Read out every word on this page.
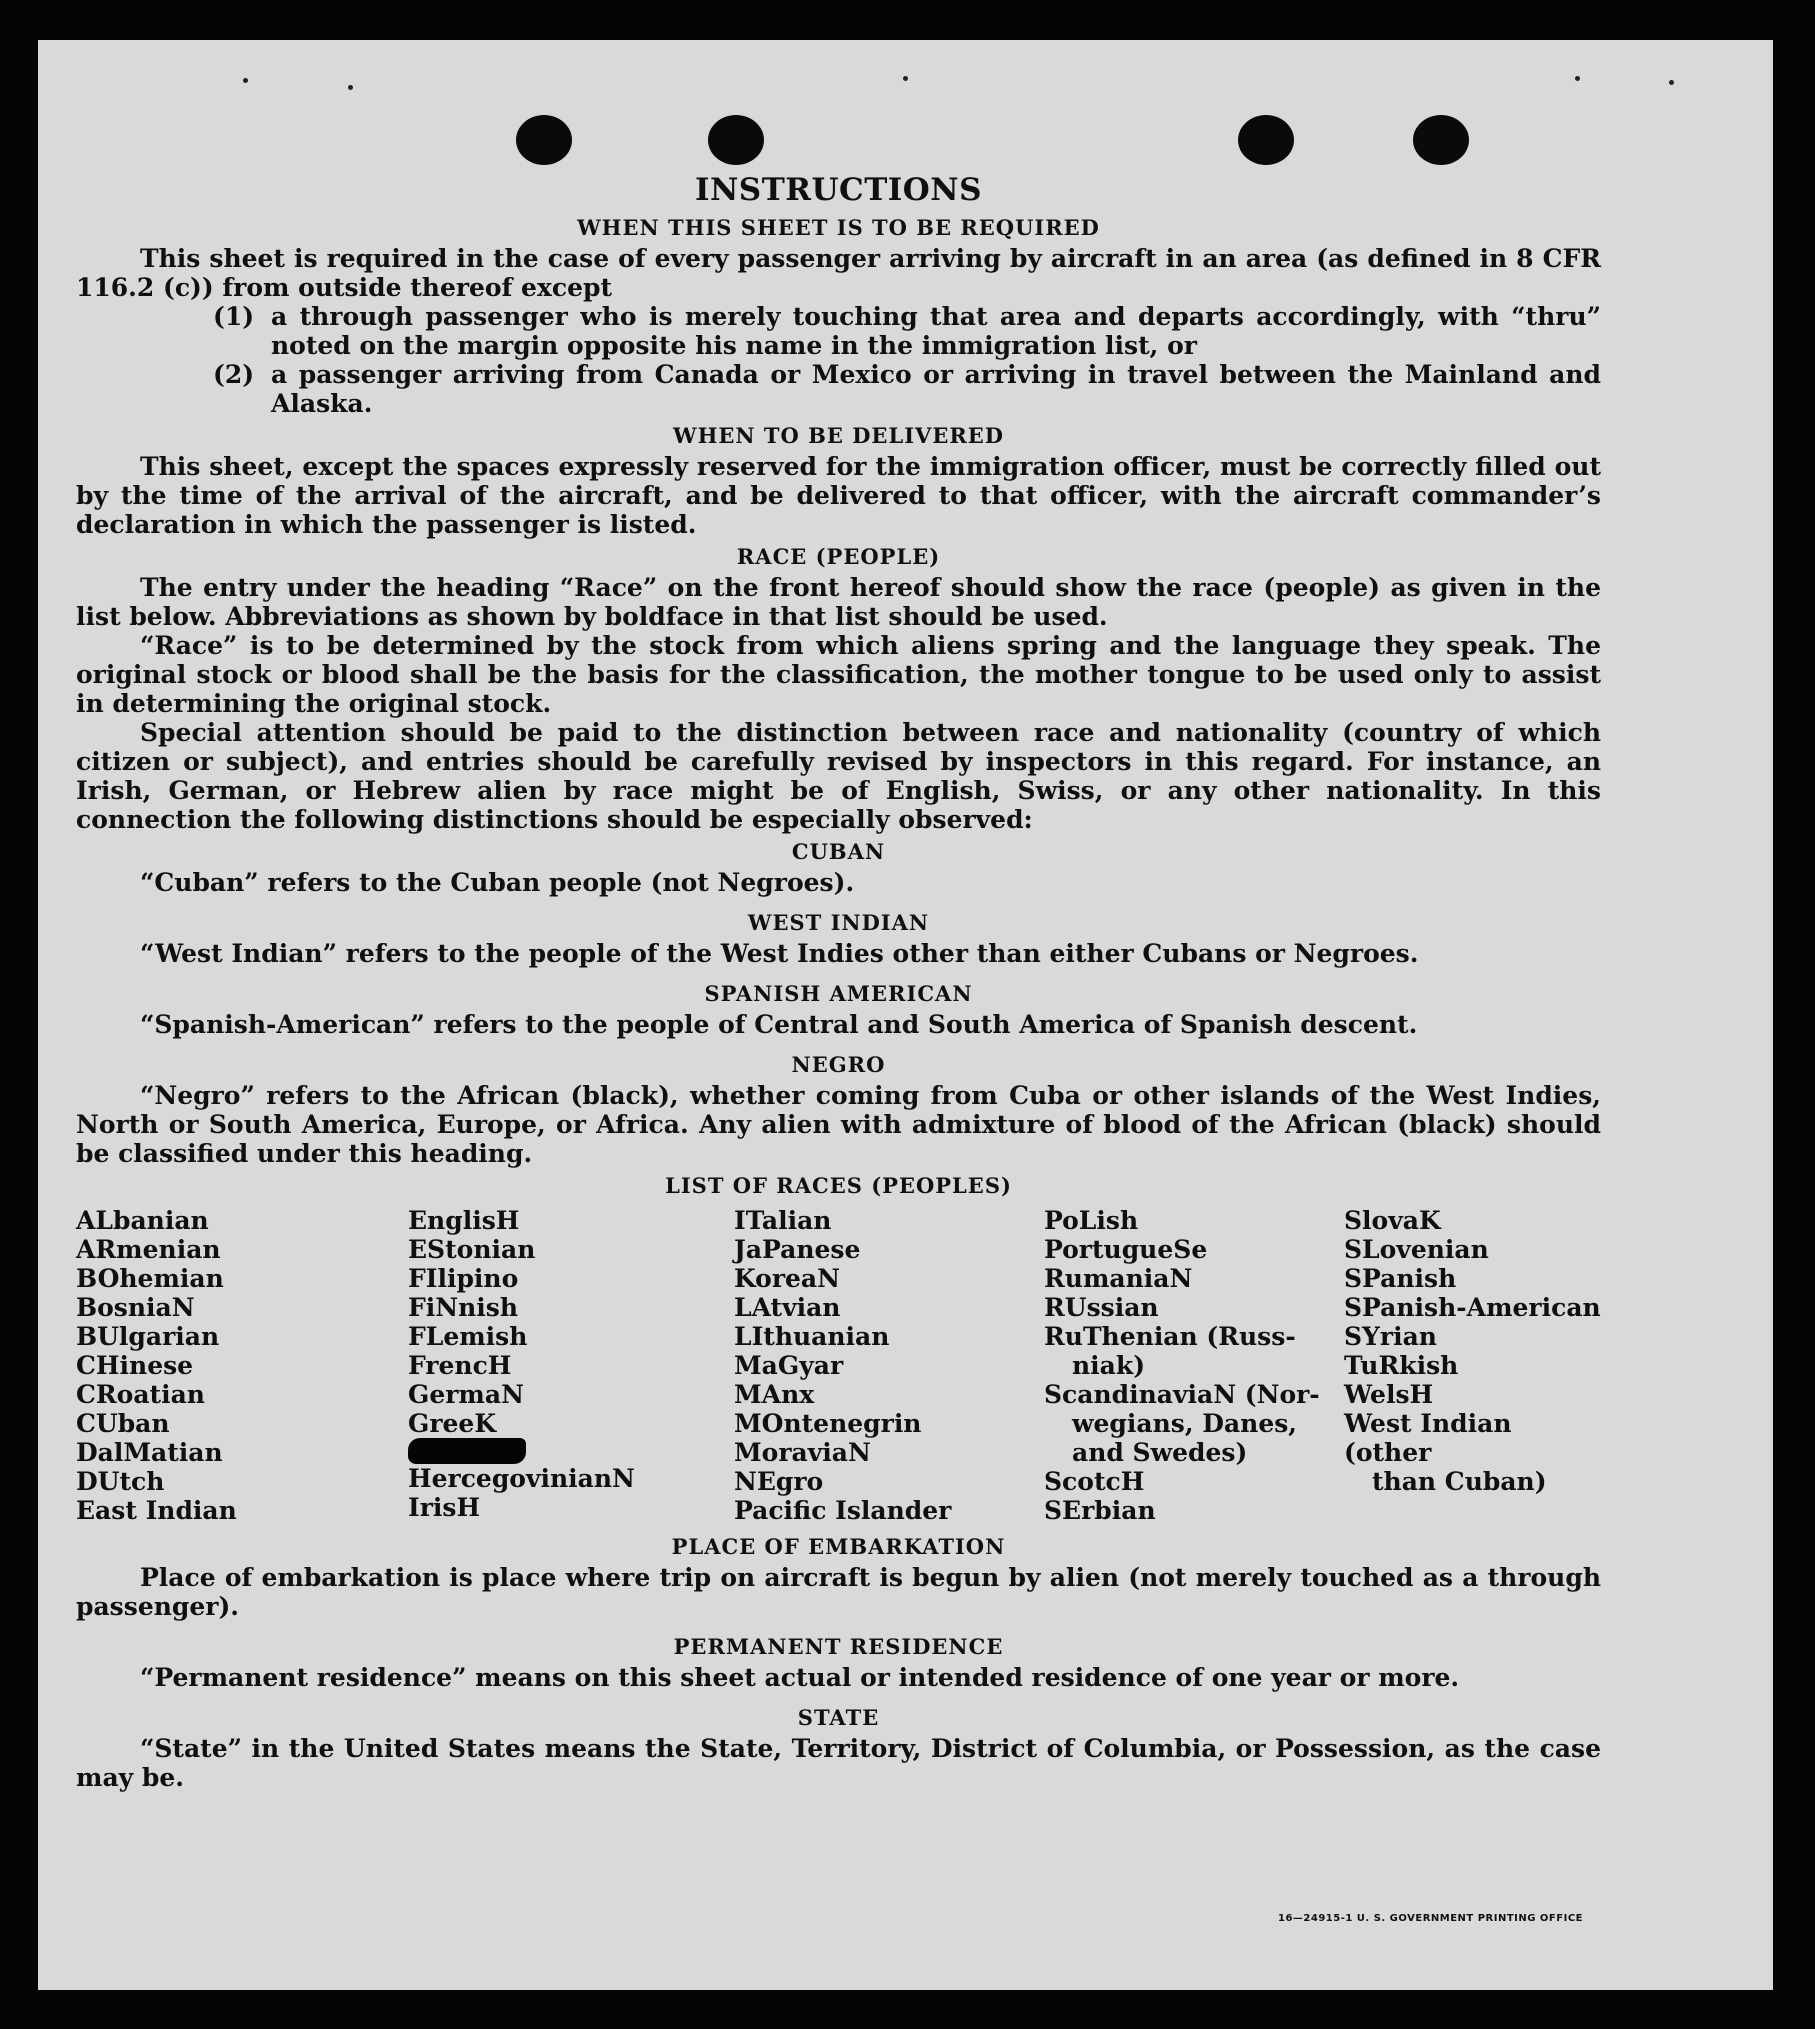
INSTRUCTIONS
WHEN THIS SHEET IS TO BE REQUIRED

This sheet is required in the case of every passenger arriving by aircraft in an area (as defined in 8 CFR 116.2 (c)) from outside thereof except

(1) a through passenger who is merely touching that area and departs accordingly, with “thru” noted on the margin opposite his name in the immigration list, or
(2) a passenger arriving from Canada or Mexico or arriving in travel between the Mainland and Alaska.
WHEN TO BE DELIVERED

This sheet, except the spaces expressly reserved for the immigration officer, must be correctly filled out by the time of the arrival of the aircraft, and be delivered to that officer, with the aircraft commander’s declaration in which the passenger is listed.

RACE (PEOPLE)

The entry under the heading “Race” on the front hereof should show the race (people) as given in the list below. Abbreviations as shown by boldface in that list should be used.

“Race” is to be determined by the stock from which aliens spring and the language they speak. The original stock or blood shall be the basis for the classification, the mother tongue to be used only to assist in determining the original stock.

Special attention should be paid to the distinction between race and nationality (country of which citizen or subject), and entries should be carefully revised by inspectors in this regard. For instance, an Irish, German, or Hebrew alien by race might be of English, Swiss, or any other nationality. In this connection the following distinctions should be especially observed:

CUBAN

“Cuban” refers to the Cuban people (not Negroes).

WEST INDIAN

“West Indian” refers to the people of the West Indies other than either Cubans or Negroes.

SPANISH AMERICAN

“Spanish-American” refers to the people of Central and South America of Spanish descent.

NEGRO

“Negro” refers to the African (black), whether coming from Cuba or other islands of the West Indies, North or South America, Europe, or Africa. Any alien with admixture of blood of the African (black) should be classified under this heading.

LIST OF RACES (PEOPLES)
ALbanian
ARmenian
BOhemian
BosniaN
BUlgarian
CHinese
CRoatian
CUban
DalMatian
DUtch
East Indian
EnglisH
EStonian
FIlipino
FiNnish
FLemish
FrencH
GermaN
GreeK
HercegovinianN
IrisH
ITalian
JaPanese
KoreaN
LAtvian
LIthuanian
MaGyar
MAnx
MOntenegrin
MoraviaN
NEgro
Pacific Islander
PoLish
PortugueSe
RumaniaN
RUssian
RuThenian (Russ-
niak)
ScandinaviaN (Nor-
wegians, Danes,
and Swedes)
ScotcH
SErbian
SlovaK
SLovenian
SPanish
SPanish-American
SYrian
TuRkish
WelsH
West Indian (other
than Cuban)
PLACE OF EMBARKATION

Place of embarkation is place where trip on aircraft is begun by alien (not merely touched as a through passenger).

PERMANENT RESIDENCE

“Permanent residence” means on this sheet actual or intended residence of one year or more.

STATE

“State” in the United States means the State, Territory, District of Columbia, or Possession, as the case may be.

16—24915-1 U. S. GOVERNMENT PRINTING OFFICE
